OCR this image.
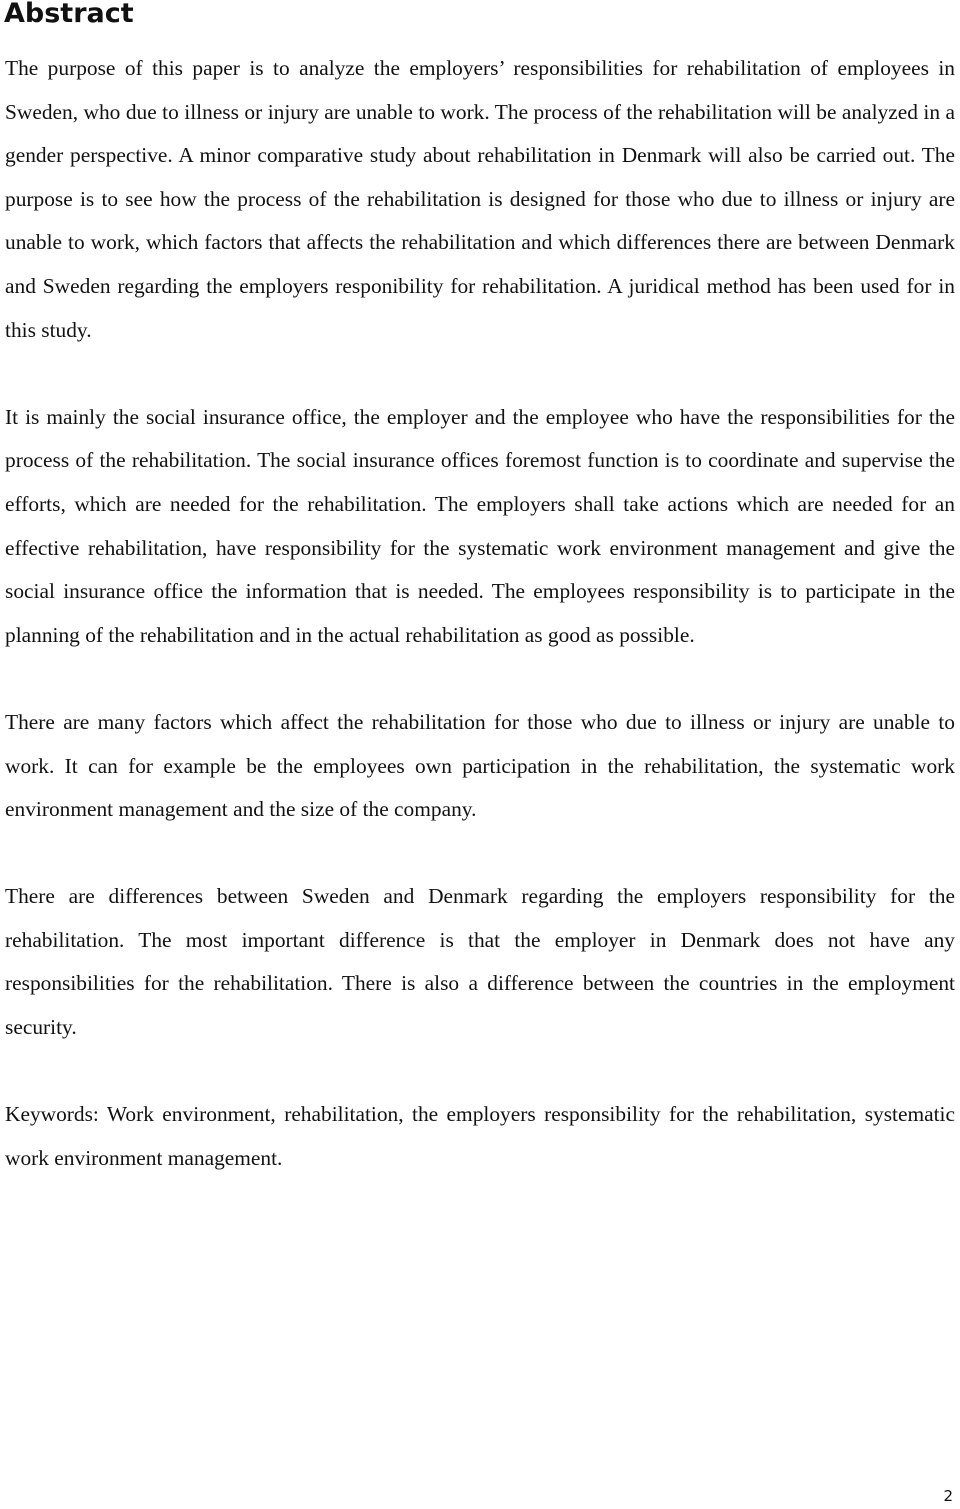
Abstract

The purpose of this paper is to analyze the employers’ responsibilities for rehabilitation of employees in Sweden, who due to illness or injury are unable to work. The process of the rehabilitation will be analyzed in a gender perspective. A minor comparative study about rehabilitation in Denmark will also be carried out. The purpose is to see how the process of the rehabilitation is designed for those who due to illness or injury are unable to work, which factors that affects the rehabilitation and which differences there are between Denmark and Sweden regarding the employers responibility for rehabilitation. A juridical method has been used for in this study.

It is mainly the social insurance office, the employer and the employee who have the responsibilities for the process of the rehabilitation. The social insurance offices foremost function is to coordinate and supervise the efforts, which are needed for the rehabilitation. The employers shall take actions which are needed for an effective rehabilitation, have responsibility for the systematic work environment management and give the social insurance office the information that is needed. The employees responsibility is to participate in the planning of the rehabilitation and in the actual rehabilitation as good as possible.

There are many factors which affect the rehabilitation for those who due to illness or injury are unable to work. It can for example be the employees own participation in the rehabilitation, the systematic work environment management and the size of the company.

There are differences between Sweden and Denmark regarding the employers responsibility for the rehabilitation. The most important difference is that the employer in Denmark does not have any responsibilities for the rehabilitation. There is also a difference between the countries in the employment security.

Keywords: Work environment, rehabilitation, the employers responsibility for the rehabilitation, systematic work environment management.

2
